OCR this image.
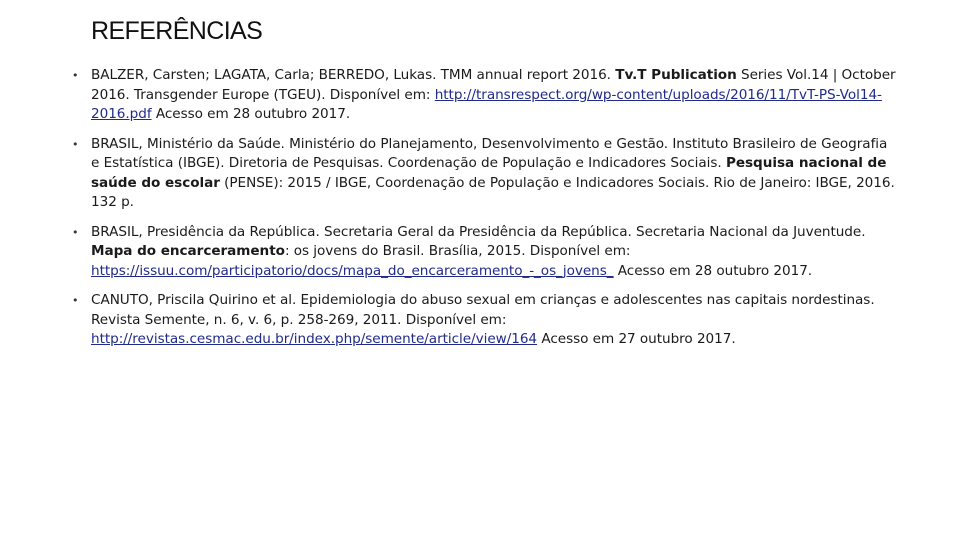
REFERÊNCIAS
• BALZER, Carsten; LAGATA, Carla; BERREDO, Lukas. TMM annual report 2016. Tv.T Publication Series Vol.14 | October 2016. Transgender Europe (TGEU). Disponível em: http://transrespect.org/wp-content/uploads/2016/11/TvT-PS-Vol14-2016.pdf Acesso em 28 outubro 2017.
• BRASIL, Ministério da Saúde. Ministério do Planejamento, Desenvolvimento e Gestão. Instituto Brasileiro de Geografia e Estatística (IBGE). Diretoria de Pesquisas. Coordenação de População e Indicadores Sociais. Pesquisa nacional de saúde do escolar (PENSE): 2015 / IBGE, Coordenação de População e Indicadores Sociais. Rio de Janeiro: IBGE, 2016. 132 p.
• BRASIL, Presidência da República. Secretaria Geral da Presidência da República. Secretaria Nacional da Juventude. Mapa do encarceramento: os jovens do Brasil. Brasília, 2015. Disponível em: https://issuu.com/participatorio/docs/mapa_do_encarceramento_-_os_jovens_ Acesso em 28 outubro 2017.
• CANUTO, Priscila Quirino et al. Epidemiologia do abuso sexual em crianças e adolescentes nas capitais nordestinas. Revista Semente, n. 6, v. 6, p. 258-269, 2011. Disponível em: http://revistas.cesmac.edu.br/index.php/semente/article/view/164 Acesso em 27 outubro 2017.
